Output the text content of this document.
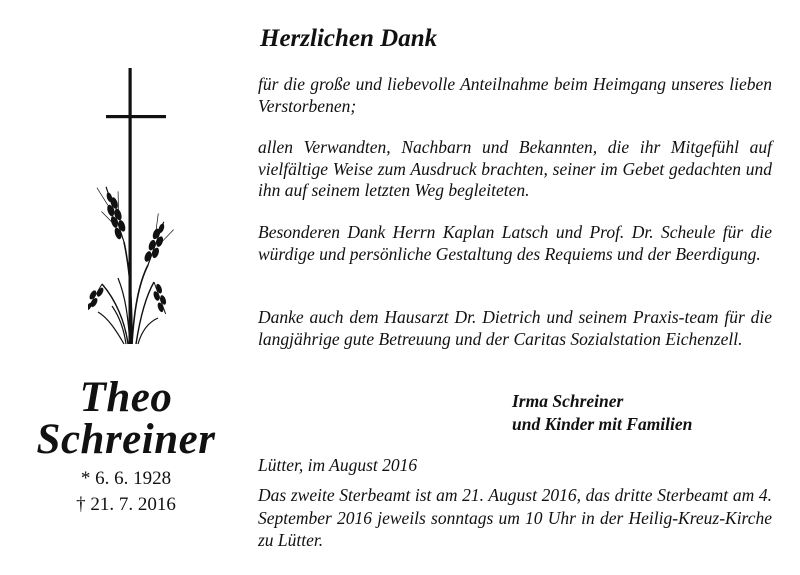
Theo
Schreiner
* 6. 6. 1928
† 21. 7. 2016
Herzlichen Dank
für die große und liebevolle Anteilnahme beim Heimgang unseres lieben Verstorbenen;
allen Verwandten, Nachbarn und Bekannten, die ihr Mitgefühl auf vielfältige Weise zum Ausdruck brachten, seiner im Gebet gedachten und ihn auf seinem letzten Weg begleiteten.
Besonderen Dank Herrn Kaplan Latsch und Prof. Dr. Scheule für die würdige und persönliche Gestaltung des Requiems und der Beerdigung.
Danke auch dem Hausarzt Dr. Dietrich und seinem Praxis-team für die langjährige gute Betreuung und der Caritas Sozialstation Eichenzell.
Irma Schreiner
und Kinder mit Familien
Lütter, im August 2016
Das zweite Sterbeamt ist am 21. August 2016, das dritte Sterbeamt am 4. September 2016 jeweils sonntags um 10 Uhr in der Heilig-Kreuz-Kirche zu Lütter.
